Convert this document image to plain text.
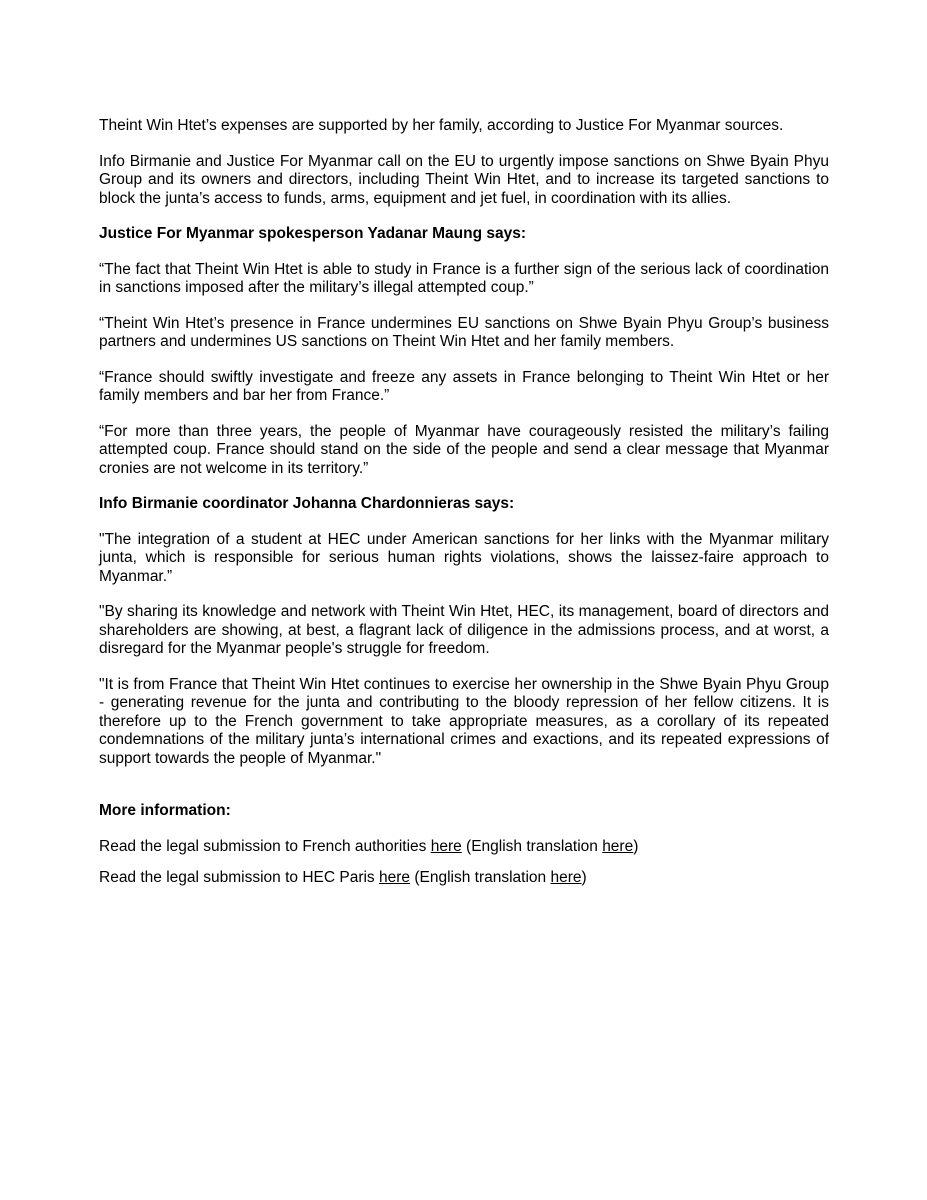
Theint Win Htet’s expenses are supported by her family, according to Justice For Myanmar sources.

Info Birmanie and Justice For Myanmar call on the EU to urgently impose sanctions on Shwe Byain Phyu Group and its owners and directors, including Theint Win Htet, and to increase its targeted sanctions to block the junta’s access to funds, arms, equipment and jet fuel, in coordination with its allies.

Justice For Myanmar spokesperson Yadanar Maung says:

“The fact that Theint Win Htet is able to study in France is a further sign of the serious lack of coordination in sanctions imposed after the military’s illegal attempted coup.”

“Theint Win Htet’s presence in France undermines EU sanctions on Shwe Byain Phyu Group’s business partners and undermines US sanctions on Theint Win Htet and her family members.

“France should swiftly investigate and freeze any assets in France belonging to Theint Win Htet or her family members and bar her from France.”

“For more than three years, the people of Myanmar have courageously resisted the military’s failing attempted coup. France should stand on the side of the people and send a clear message that Myanmar cronies are not welcome in its territory.”

Info Birmanie coordinator Johanna Chardonnieras says:

"The integration of a student at HEC under American sanctions for her links with the Myanmar military junta, which is responsible for serious human rights violations, shows the laissez-faire approach to Myanmar.”

"By sharing its knowledge and network with Theint Win Htet, HEC, its management, board of directors and shareholders are showing, at best, a flagrant lack of diligence in the admissions process, and at worst, a disregard for the Myanmar people's struggle for freedom.

"It is from France that Theint Win Htet continues to exercise her ownership in the Shwe Byain Phyu Group - generating revenue for the junta and contributing to the bloody repression of her fellow citizens. It is therefore up to the French government to take appropriate measures, as a corollary of its repeated condemnations of the military junta’s international crimes and exactions, and its repeated expressions of support towards the people of Myanmar."

More information:

Read the legal submission to French authorities here (English translation here)

Read the legal submission to HEC Paris here (English translation here)
